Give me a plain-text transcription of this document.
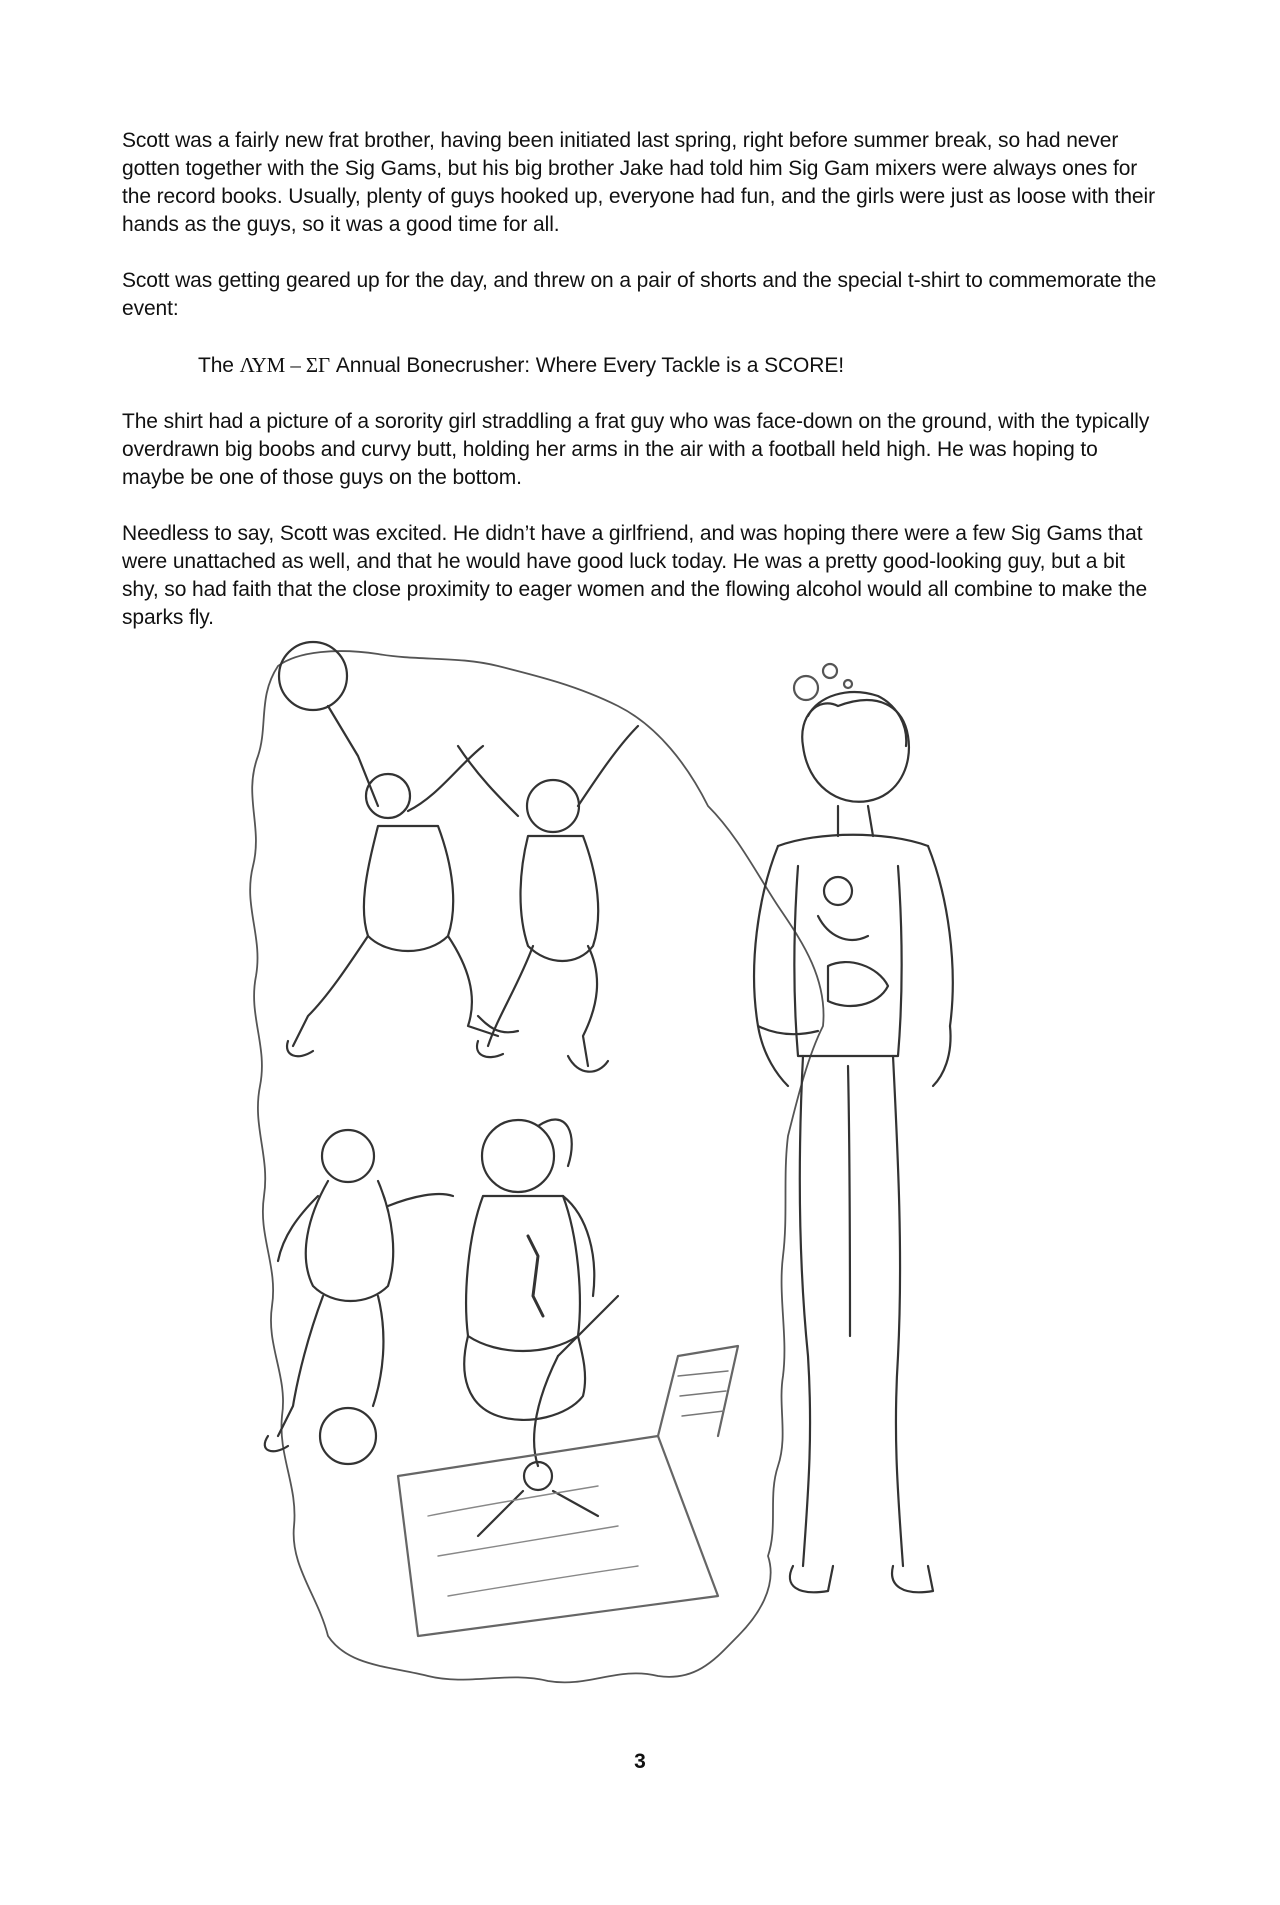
Scott was a fairly new frat brother, having been initiated last spring, right before summer break, so had never gotten together with the Sig Gams, but his big brother Jake had told him Sig Gam mixers were always ones for the record books. Usually, plenty of guys hooked up, everyone had fun, and the girls were just as loose with their hands as the guys, so it was a good time for all.

Scott was getting geared up for the day, and threw on a pair of shorts and the special t-shirt to commemorate the event:

The ΛΥΜ – ΣΓ Annual Bonecrusher: Where Every Tackle is a SCORE!

The shirt had a picture of a sorority girl straddling a frat guy who was face-down on the ground, with the typically overdrawn big boobs and curvy butt, holding her arms in the air with a football held high. He was hoping to maybe be one of those guys on the bottom.

Needless to say, Scott was excited. He didn’t have a girlfriend, and was hoping there were a few Sig Gams that were unattached as well, and that he would have good luck today. He was a pretty good-looking guy, but a bit shy, so had faith that the close proximity to eager women and the flowing alcohol would all combine to make the sparks fly.

3
